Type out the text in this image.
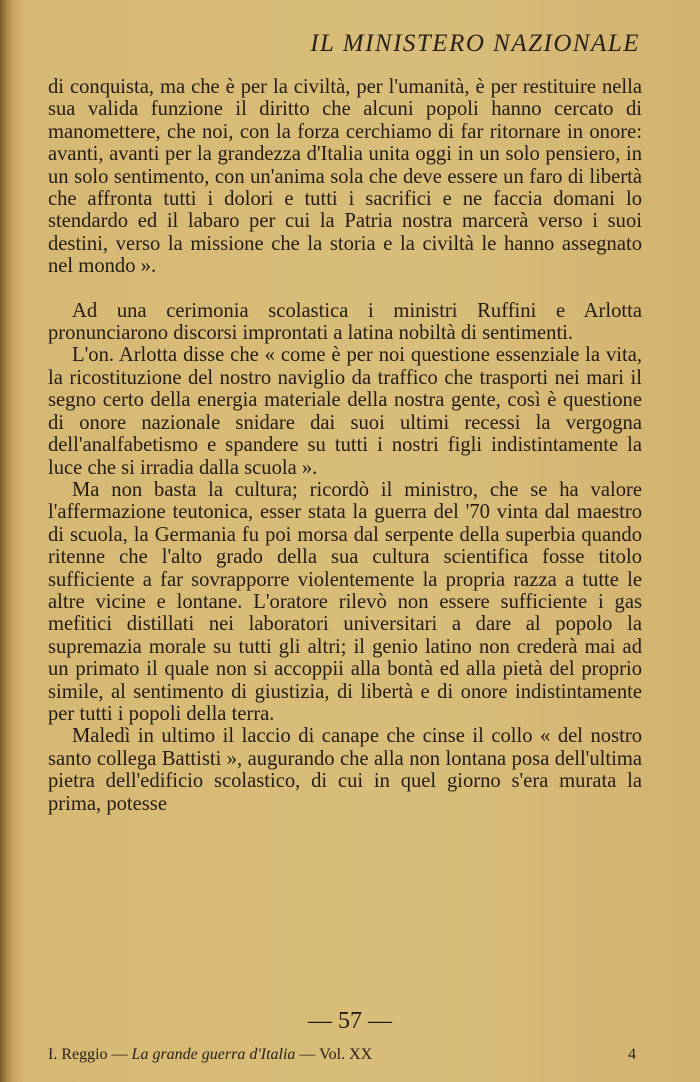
IL MINISTERO NAZIONALE

di conquista, ma che è per la civiltà, per l'umanità, è per restituire nella sua valida funzione il diritto che alcuni popoli hanno cercato di manomettere, che noi, con la forza cerchiamo di far ritornare in onore: avanti, avanti per la grandezza d'Italia unita oggi in un solo pensiero, in un solo sentimento, con un'anima sola che deve essere un faro di libertà che affronta tutti i dolori e tutti i sacrifici e ne faccia domani lo stendardo ed il labaro per cui la Patria nostra marcerà verso i suoi destini, verso la missione che la storia e la civiltà le hanno assegnato nel mondo ».

Ad una cerimonia scolastica i ministri Ruffini e Arlotta pronunciarono discorsi improntati a latina nobiltà di sentimenti.

L'on. Arlotta disse che « come è per noi questione essenziale la vita, la ricostituzione del nostro naviglio da traffico che trasporti nei mari il segno certo della energia materiale della nostra gente, così è questione di onore nazionale snidare dai suoi ultimi recessi la vergogna dell'analfabetismo e spandere su tutti i nostri figli indistintamente la luce che si irradia dalla scuola ».

Ma non basta la cultura; ricordò il ministro, che se ha valore l'affermazione teutonica, esser stata la guerra del '70 vinta dal maestro di scuola, la Germania fu poi morsa dal serpente della superbia quando ritenne che l'alto grado della sua cultura scientifica fosse titolo sufficiente a far sovrapporre violentemente la propria razza a tutte le altre vicine e lontane. L'oratore rilevò non essere sufficiente i gas mefitici distillati nei laboratori universitari a dare al popolo la supremazia morale su tutti gli altri; il genio latino non crederà mai ad un primato il quale non si accoppii alla bontà ed alla pietà del proprio simile, al sentimento di giustizia, di libertà e di onore indistintamente per tutti i popoli della terra.

Maledì in ultimo il laccio di canape che cinse il collo « del nostro santo collega Battisti », augurando che alla non lontana posa dell'ultima pietra dell'edificio scolastico, di cui in quel giorno s'era murata la prima, potesse

— 57 —
I. Reggio — La grande guerra d'Italia — Vol. XX	4
